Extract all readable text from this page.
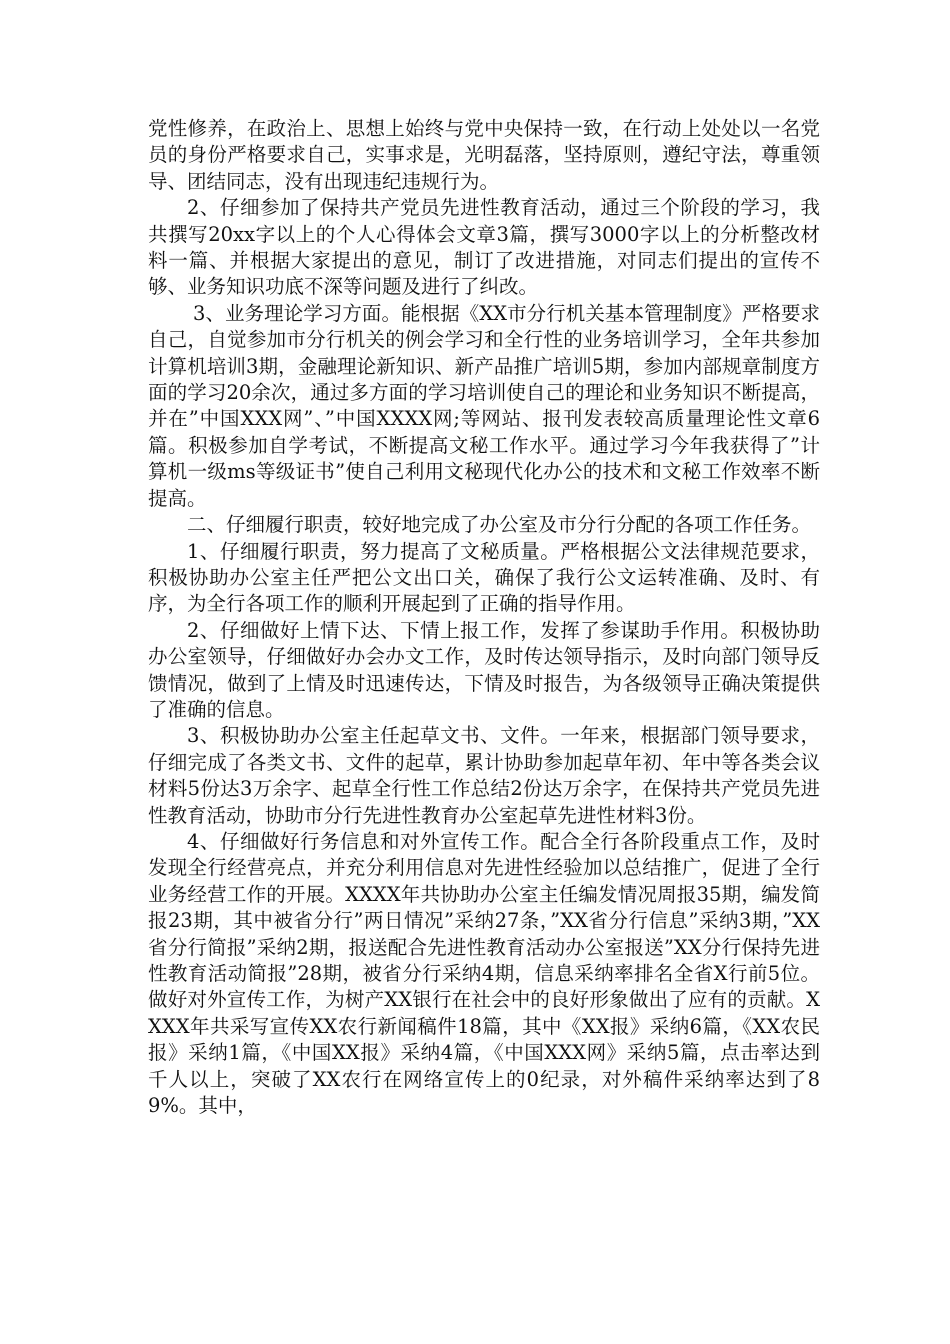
党性修养，在政治上、思想上始终与党中央保持一致，在行动上处处以一名党员的身份严格要求自己，实事求是，光明磊落，坚持原则，遵纪守法，尊重领导、团结同志，没有出现违纪违规行为。

2、仔细参加了保持共产党员先进性教育活动，通过三个阶段的学习，我共撰写20xx字以上的个人心得体会文章3篇，撰写3000字以上的分析整改材料一篇、并根据大家提出的意见，制订了改进措施，对同志们提出的宣传不够、业务知识功底不深等问题及进行了纠改。

3、业务理论学习方面。能根据《XX市分行机关基本管理制度》严格要求自己，自觉参加市分行机关的例会学习和全行性的业务培训学习，全年共参加计算机培训3期，金融理论新知识、新产品推广培训5期，参加内部规章制度方面的学习20余次，通过多方面的学习培训使自己的理论和业务知识不断提高，并在”中国XXX网”、”中国XXXX网;等网站、报刊发表较高质量理论性文章6篇。积极参加自学考试，不断提高文秘工作水平。通过学习今年我获得了”计算机一级ms等级证书”使自己利用文秘现代化办公的技术和文秘工作效率不断提高。

二、仔细履行职责，较好地完成了办公室及市分行分配的各项工作任务。

1、仔细履行职责，努力提高了文秘质量。严格根据公文法律规范要求，积极协助办公室主任严把公文出口关，确保了我行公文运转准确、及时、有序，为全行各项工作的顺利开展起到了正确的指导作用。

2、仔细做好上情下达、下情上报工作，发挥了参谋助手作用。积极协助办公室领导，仔细做好办会办文工作，及时传达领导指示，及时向部门领导反馈情况，做到了上情及时迅速传达，下情及时报告，为各级领导正确决策提供了准确的信息。

3、积极协助办公室主任起草文书、文件。一年来，根据部门领导要求，仔细完成了各类文书、文件的起草，累计协助参加起草年初、年中等各类会议材料5份达3万余字、起草全行性工作总结2份达万余字，在保持共产党员先进性教育活动，协助市分行先进性教育办公室起草先进性材料3份。

4、仔细做好行务信息和对外宣传工作。配合全行各阶段重点工作，及时发现全行经营亮点，并充分利用信息对先进性经验加以总结推广，促进了全行业务经营工作的开展。XXXX年共协助办公室主任编发情况周报35期，编发简报23期，其中被省分行”两日情况”采纳27条，”XX省分行信息”采纳3期，”XX省分行简报”采纳2期，报送配合先进性教育活动办公室报送”XX分行保持先进性教育活动简报”28期，被省分行采纳4期，信息采纳率排名全省X行前5位。做好对外宣传工作，为树产XX银行在社会中的良好形象做出了应有的贡献。XXXX年共采写宣传XX农行新闻稿件18篇，其中《XX报》采纳6篇，《XX农民报》采纳1篇，《中国XX报》采纳4篇，《中国XXX网》采纳5篇，点击率达到千人以上，突破了XX农行在网络宣传上的0纪录，对外稿件采纳率达到了89%。其中，
